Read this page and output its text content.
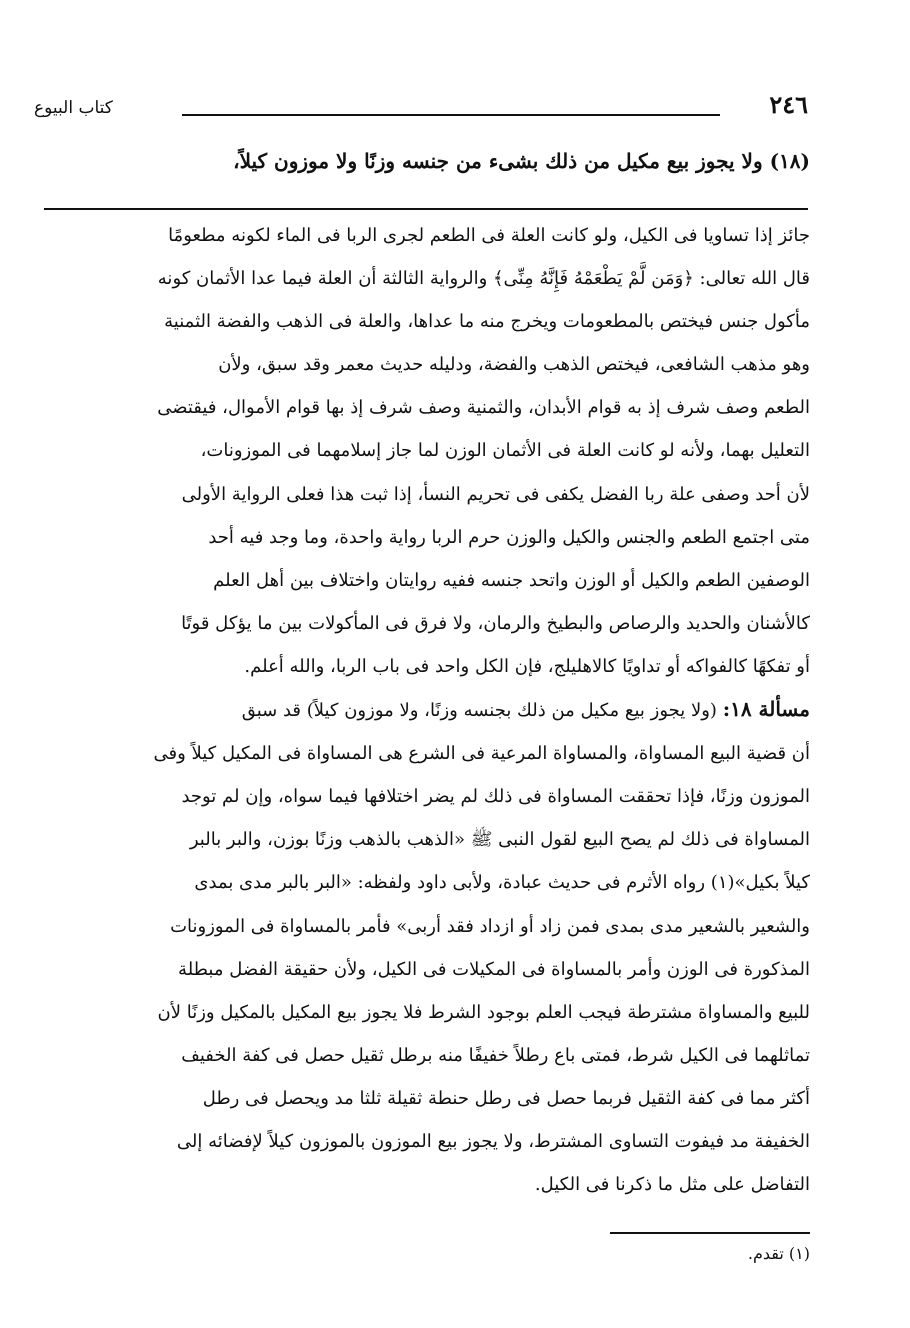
كتاب البيوع	٢٤٦
(١٨) ولا يجوز بيع مكيل من ذلك بشىء من جنسه وزنًا ولا موزون كيلاً،
جائز إذا تساويا فى الكيل، ولو كانت العلة فى الطعم لجرى الربا فى الماء لكونه مطعومًا
قال الله تعالى: ﴿وَمَن لَّمْ يَطْعَمْهُ فَإِنَّهُ مِنِّى﴾ والرواية الثالثة أن العلة فيما عدا الأثمان كونه
مأكول جنس فيختص بالمطعومات ويخرج منه ما عداها، والعلة فى الذهب والفضة الثمنية
وهو مذهب الشافعى، فيختص الذهب والفضة، ودليله حديث معمر وقد سبق، ولأن
الطعم وصف شرف إذ به قوام الأبدان، والثمنية وصف شرف إذ بها قوام الأموال، فيقتضى
التعليل بهما، ولأنه لو كانت العلة فى الأثمان الوزن لما جاز إسلامهما فى الموزونات،
لأن أحد وصفى علة ربا الفضل يكفى فى تحريم النسأ، إذا ثبت هذا فعلى الرواية الأولى
متى اجتمع الطعم والجنس والكيل والوزن حرم الربا رواية واحدة، وما وجد فيه أحد
الوصفين الطعم والكيل أو الوزن واتحد جنسه ففيه روايتان واختلاف بين أهل العلم
كالأشنان والحديد والرصاص والبطيخ والرمان، ولا فرق فى المأكولات بين ما يؤكل قوتًا
أو تفكهًا كالفواكه أو تداويًا كالاهليلج، فإن الكل واحد فى باب الربا، والله أعلم.
مسألة ١٨: (ولا يجوز بيع مكيل من ذلك بجنسه وزنًا، ولا موزون كيلاً) قد سبق
أن قضية البيع المساواة، والمساواة المرعية فى الشرع هى المساواة فى المكيل كيلاً وفى
الموزون وزنًا، فإذا تحققت المساواة فى ذلك لم يضر اختلافها فيما سواه، وإن لم توجد
المساواة فى ذلك لم يصح البيع لقول النبى ﷺ «الذهب بالذهب وزنًا بوزن، والبر بالبر
كيلاً بكيل»(١) رواه الأثرم فى حديث عبادة، ولأبى داود ولفظه: «البر بالبر مدى بمدى
والشعير بالشعير مدى بمدى فمن زاد أو ازداد فقد أربى» فأمر بالمساواة فى الموزونات
المذكورة فى الوزن وأمر بالمساواة فى المكيلات فى الكيل، ولأن حقيقة الفضل مبطلة
للبيع والمساواة مشترطة فيجب العلم بوجود الشرط فلا يجوز بيع المكيل بالمكيل وزنًا لأن
تماثلهما فى الكيل شرط، فمتى باع رطلاً خفيفًا منه برطل ثقيل حصل فى كفة الخفيف
أكثر مما فى كفة الثقيل فربما حصل فى رطل حنطة ثقيلة ثلثا مد ويحصل فى رطل
الخفيفة مد فيفوت التساوى المشترط، ولا يجوز بيع الموزون بالموزون كيلاً لإفضائه إلى
التفاضل على مثل ما ذكرنا فى الكيل.
(١) تقدم.
